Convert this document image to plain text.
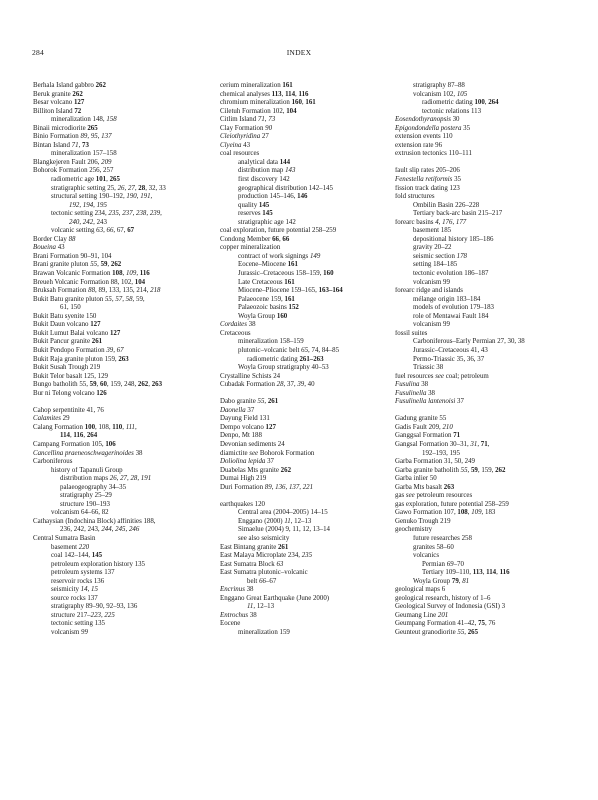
284	INDEX
Berhala Island gabbro 262
Beruk granite 262
Besar volcano 127
Billiton Island 72
mineralization 148, 158
Binaii microdiorite 265
Binio Formation 89, 95, 137
Bintan Island 71, 73
mineralization 157–158
Blangkejeren Fault 206, 209
Bohorok Formation 256, 257
radiometric age 101, 265
stratigraphic setting 25, 26, 27, 28, 32, 33
structural setting 190–192, 190, 191,
192, 194, 195
tectonic setting 234, 235, 237, 238, 239,
240, 242, 243
volcanic setting 63, 66, 67, 67
Border Clay 88
Boueina 43
Brani Formation 90–91, 104
Brani granite pluton 55, 59, 262
Brawan Volcanic Formation 108, 109, 116
Breueh Volcanic Formation 88, 102, 104
Bruksah Formation 88, 89, 133, 135, 214, 218
Bukit Batu granite pluton 55, 57, 58, 59,
61, 150
Bukit Batu syenite 150
Bukit Daun volcano 127
Bukit Lumut Balai volcano 127
Bukit Pancur granite 261
Bukit Pendopo Formation 39, 67
Bukit Raja granite pluton 159, 263
Bukit Susah Trough 219
Bukit Telor basalt 125, 129
Bungo batholith 55, 59, 60, 159, 248, 262, 263
Bur ni Telong volcano 126
Cahop serpentinite 41, 76
Calamites 29
Calang Formation 100, 108, 110, 111,
114, 116, 264
Campang Formation 105, 106
Cancellina praeneoschwagerinoides 38
Carboniferous
history of Tapanuli Group
distribution maps 26, 27, 28, 191
palaeogeography 34–35
stratigraphy 25–29
structure 190–193
volcanism 64–66, 82
Cathaysian (Indochina Block) affinities 188,
236, 242, 243, 244, 245, 246
Central Sumatra Basin
basement 220
coal 142–144, 145
petroleum exploration history 135
petroleum systems 137
reservoir rocks 136
seismicity 14, 15
source rocks 137
stratigraphy 89–90, 92–93, 136
structure 217–223, 225
tectonic setting 135
volcanism 99
cerium mineralization 161
chemical analyses 113, 114, 116
chromium mineralization 160, 161
Ciletuh Formation 102, 104
Citlim Island 71, 73
Clay Formation 90
Cleiothyridina 27
Clyeina 43
coal resources
analytical data 144
distribution map 143
first discovery 142
geographical distribution 142–145
production 145–146, 146
quality 145
reserves 145
stratigraphic age 142
coal exploration, future potential 258–259
Condong Member 66, 66
copper mineralization
contract of work signings 149
Eocene–Miocene 161
Jurassic–Cretaceous 158–159, 160
Late Cretaceous 161
Miocene–Pliocene 159–165, 163–164
Palaeocene 159, 161
Palaeozoic basins 152
Woyla Group 160
Cordaites 38
Cretaceous
mineralization 158–159
plutonic–volcanic belt 65, 74, 84–85
radiometric dating 261–263
Woyla Group stratigraphy 40–53
Crystalline Schists 24
Cubadak Formation 28, 37, 39, 40
Dabo granite 55, 261
Daonella 37
Dayung Field 131
Dempo volcano 127
Denpo, Mt 188
Devonian sediments 24
diamictite see Bohorok Formation
Doliolina lepida 37
Duabelas Mts granite 262
Dumai High 219
Duri Formation 89, 136, 137, 221
earthquakes 120
Central area (2004–2005) 14–15
Enggano (2000) 11, 12–13
Simaelue (2004) 9, 11, 12, 13–14
see also seismicity
East Bintang granite 261
East Malaya Microplate 234, 235
East Sumatra Block 63
East Sumatra plutonic–volcanic
belt 66–67
Encrinus 38
Enggano Great Earthquake (June 2000)
11, 12–13
Entrochus 38
Eocene
mineralization 159
stratigraphy 87–88
volcanism 102, 105
radiometric dating 100, 264
tectonic relations 113
Eosendothyranopsis 30
Epigondondella postera 35
extension events 110
extension rate 96
extrusion tectonics 110–111
fault slip rates 205–206
Fenestella retiformis 35
fission track dating 123
fold structures
Ombilin Basin 226–228
Tertiary back-arc basin 215–217
forearc basins 4, 176, 177
basement 185
depositional history 185–186
gravity 20–22
seismic section 178
setting 184–185
tectonic evolution 186–187
volcanism 99
forearc ridge and islands
mélange origin 183–184
models of evolution 179–183
role of Mentawai Fault 184
volcanism 99
fossil suites
Carboniferous–Early Permian 27, 30, 38
Jurassic–Cretaceous 41, 43
Permo-Triassic 35, 36, 37
Triassic 38
fuel resources see coal; petroleum
Fusulina 38
Fusulinella 38
Fusulinella lantenoisi 37
Gadung granite 55
Gadis Fault 209, 210
Ganggsal Formation 71
Gangsal Formation 30–31, 31, 71,
192–193, 195
Garba Formation 31, 50, 249
Garba granite batholith 55, 59, 159, 262
Garba inlier 50
Garba Mts basalt 263
gas see petroleum resources
gas exploration, future potential 258–259
Gawo Formation 107, 108, 109, 183
Genuko Trough 219
geochemistry
future researches 258
granites 58–60
volcanics
Permian 69–70
Tertiary 109–110, 113, 114, 116
Woyla Group 79, 81
geological maps 6
geological research, history of 1–6
Geological Survey of Indonesia (GSI) 3
Geumang Line 201
Geumpang Formation 41–42, 75, 76
Geunteut granodiorite 55, 265
